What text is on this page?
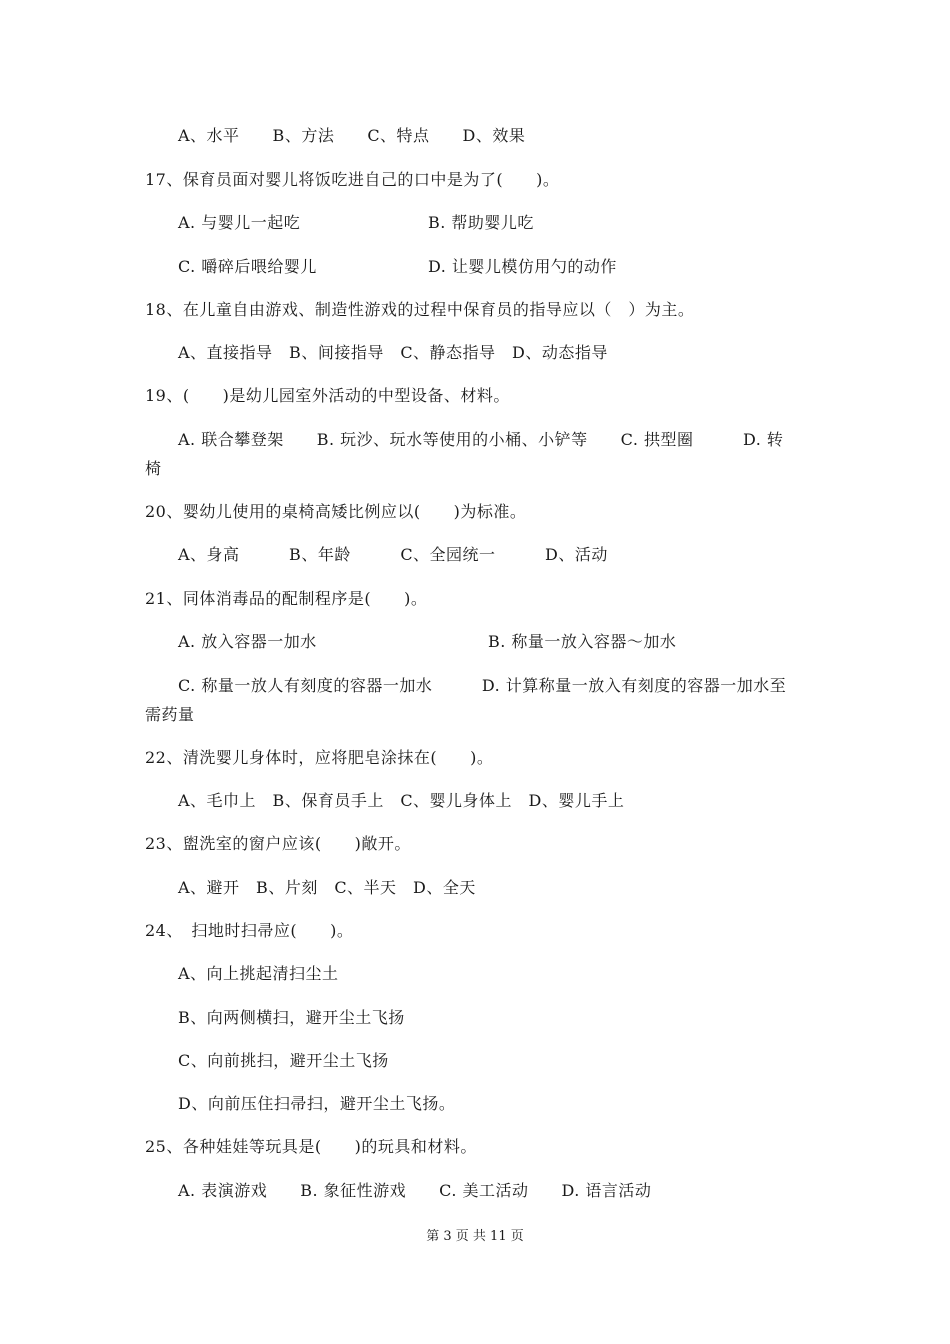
A、水平　　B、方法　　C、特点　　D、效果
17、保育员面对婴儿将饭吃进自己的口中是为了(　　)。
A. 与婴儿一起吃	B. 帮助婴儿吃
C. 嚼碎后喂给婴儿	D. 让婴儿模仿用勺的动作
18、在儿童自由游戏、制造性游戏的过程中保育员的指导应以（　）为主。
A、直接指导　B、间接指导　C、静态指导　D、动态指导
19、(　　)是幼儿园室外活动的中型设备、材料。
A. 联合攀登架　　B. 玩沙、玩水等使用的小桶、小铲等　　C. 拱型圈　　　D. 转
椅
20、婴幼儿使用的桌椅高矮比例应以(　　)为标准。
A、身高　　　B、年龄　　　C、全园统一　　　D、活动
21、同体消毒品的配制程序是(　　)。
A. 放入容器一加水	B. 称量一放入容器～加水
C. 称量一放人有刻度的容器一加水　　　D. 计算称量一放入有刻度的容器一加水至
需药量
22、清洗婴儿身体时，应将肥皂涂抹在(　　)。
A、毛巾上　B、保育员手上　C、婴儿身体上　D、婴儿手上
23、盥洗室的窗户应该(　　)敞开。
A、避开　B、片刻　C、半天　D、全天
24、　扫地时扫帚应(　　)。
A、向上挑起清扫尘土
B、向两侧横扫，避开尘土飞扬
C、向前挑扫，避开尘土飞扬
D、向前压住扫帚扫，避开尘土飞扬。
25、各种娃娃等玩具是(　　)的玩具和材料。
A. 表演游戏　　B. 象征性游戏　　C. 美工活动　　D. 语言活动
第 3 页 共 11 页
